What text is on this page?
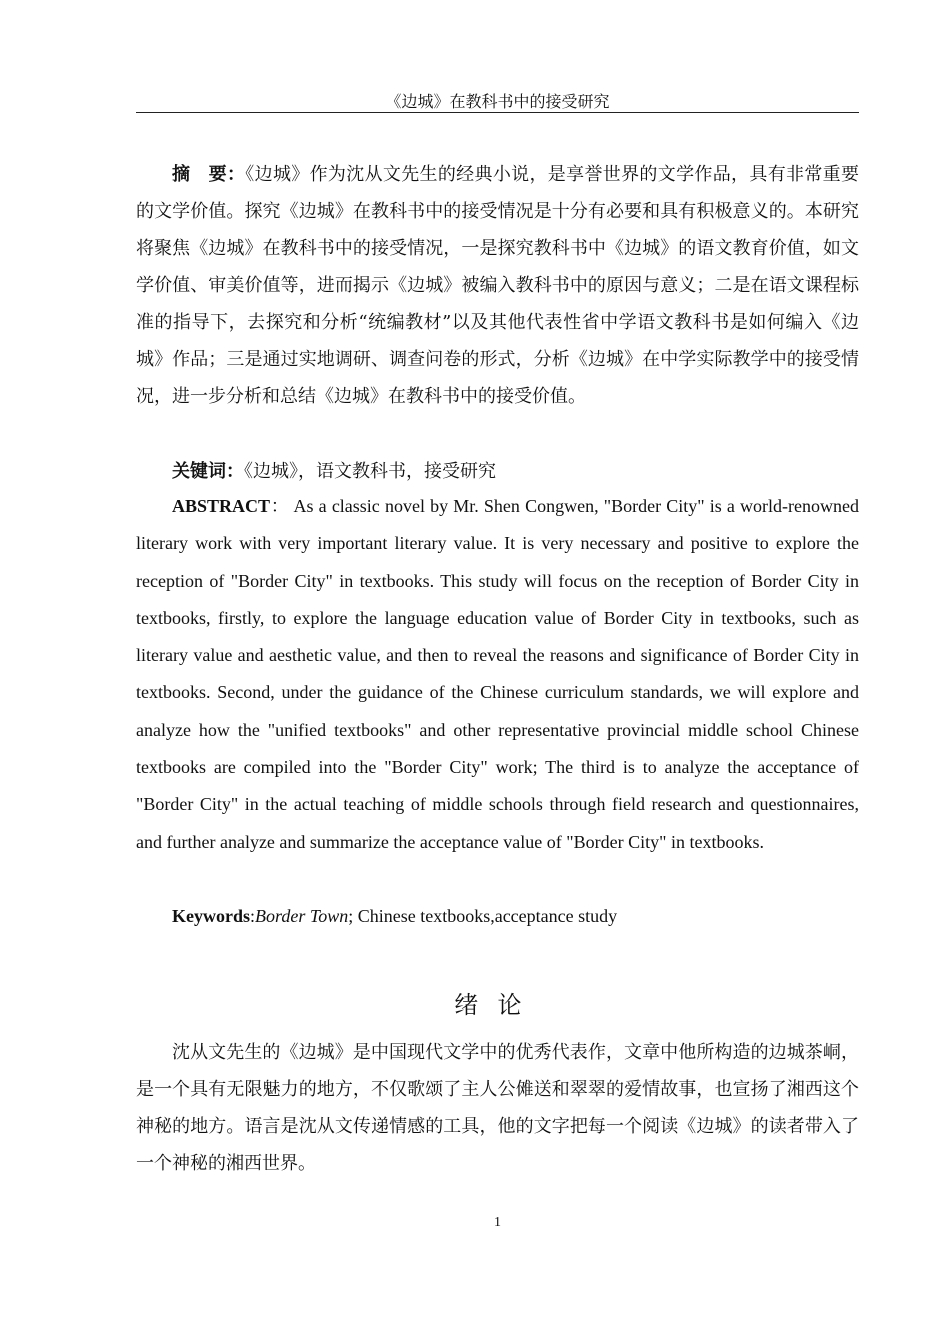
《边城》在教科书中的接受研究

摘　要：《边城》作为沈从文先生的经典小说，是享誉世界的文学作品，具有非常重要的文学价值。探究《边城》在教科书中的接受情况是十分有必要和具有积极意义的。本研究将聚焦《边城》在教科书中的接受情况，一是探究教科书中《边城》的语文教育价值，如文学价值、审美价值等，进而揭示《边城》被编入教科书中的原因与意义；二是在语文课程标准的指导下，去探究和分析“统编教材”以及其他代表性省中学语文教科书是如何编入《边城》作品；三是通过实地调研、调查问卷的形式，分析《边城》在中学实际教学中的接受情况，进一步分析和总结《边城》在教科书中的接受价值。

关键词：《边城》，语文教科书，接受研究

ABSTRACT： As a classic novel by Mr. Shen Congwen, "Border City" is a world-renowned literary work with very important literary value. It is very necessary and positive to explore the reception of "Border City" in textbooks. This study will focus on the reception of Border City in textbooks, firstly, to explore the language education value of Border City in textbooks, such as literary value and aesthetic value, and then to reveal the reasons and significance of Border City in textbooks. Second, under the guidance of the Chinese curriculum standards, we will explore and analyze how the "unified textbooks" and other representative provincial middle school Chinese textbooks are compiled into the "Border City" work; The third is to analyze the acceptance of "Border City" in the actual teaching of middle schools through field research and questionnaires, and further analyze and summarize the acceptance value of "Border City" in textbooks.

Keywords:Border Town; Chinese textbooks,acceptance study

绪论

沈从文先生的《边城》是中国现代文学中的优秀代表作，文章中他所构造的边城茶峒，是一个具有无限魅力的地方，不仅歌颂了主人公傩送和翠翠的爱情故事，也宣扬了湘西这个神秘的地方。语言是沈从文传递情感的工具，他的文字把每一个阅读《边城》的读者带入了一个神秘的湘西世界。

1
